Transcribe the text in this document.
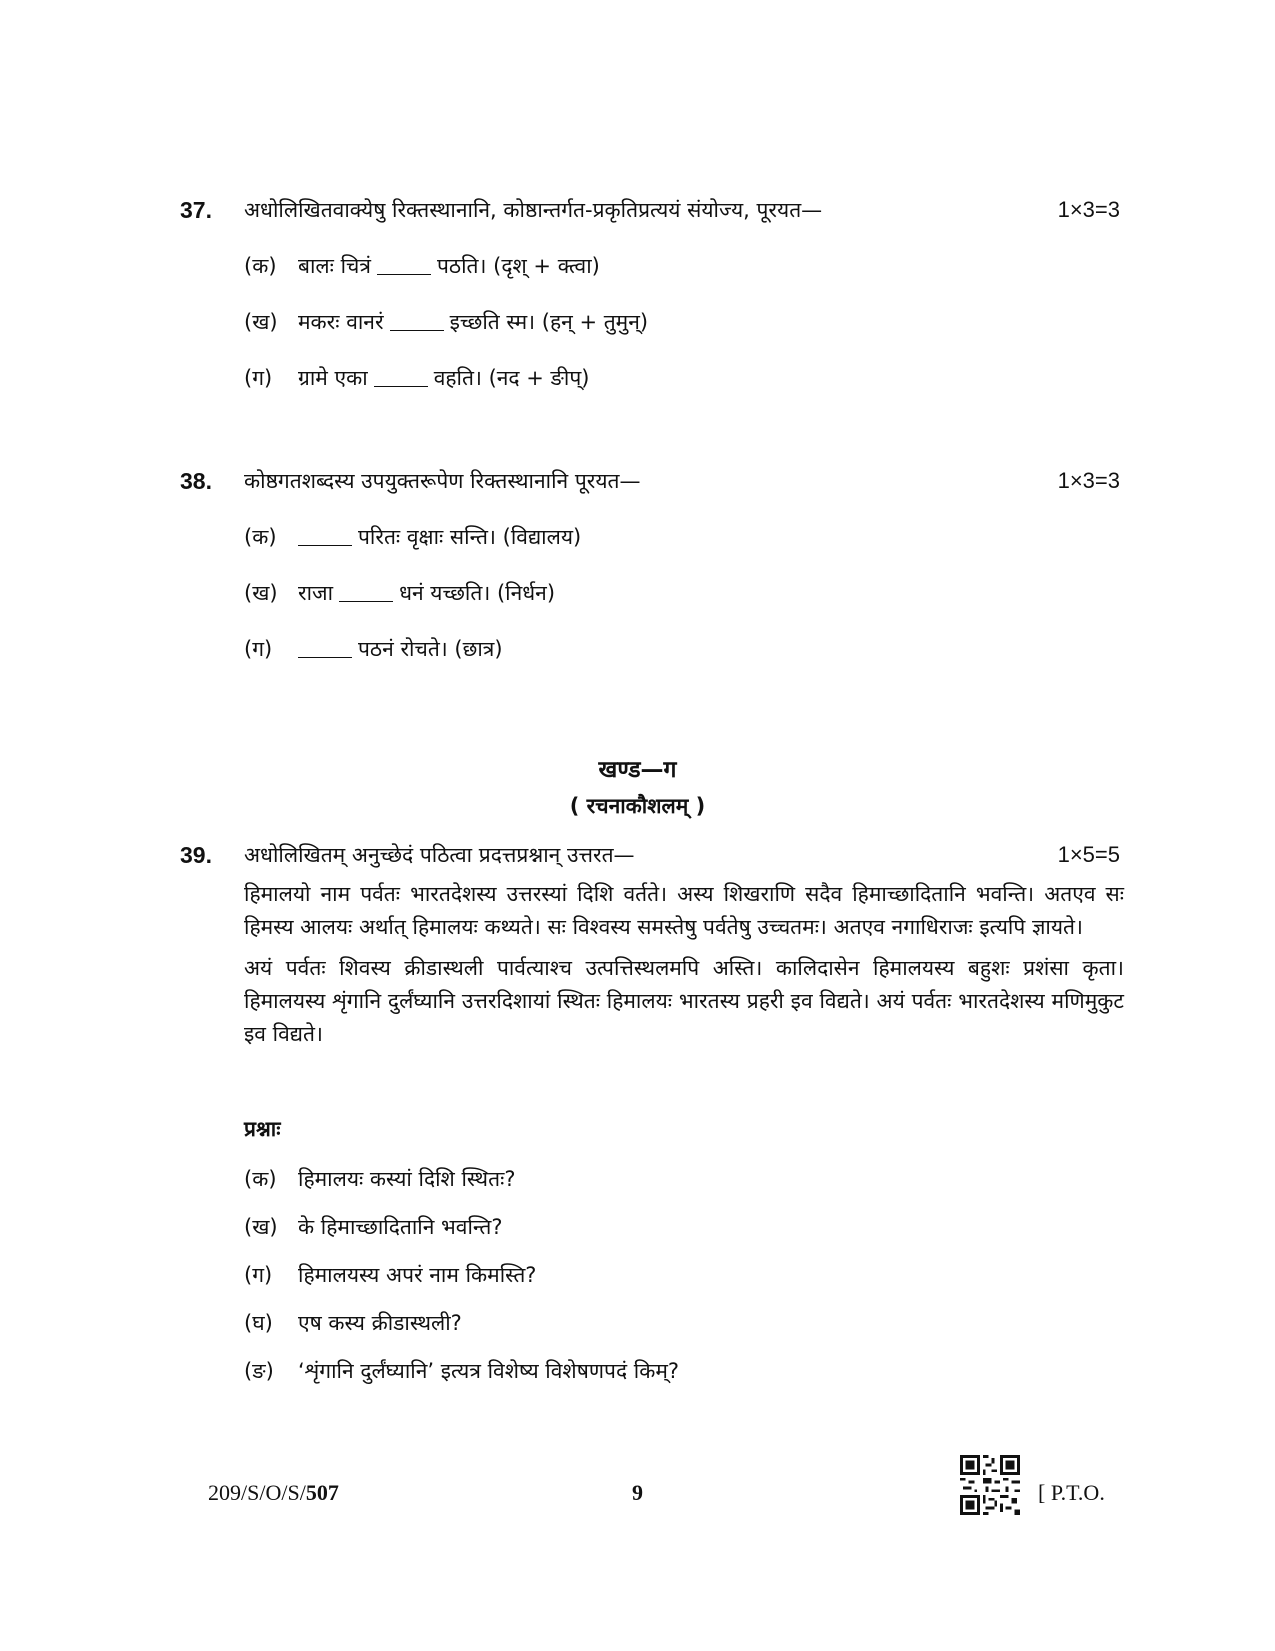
37. अधोलिखितवाक्येषु रिक्तस्थानानि, कोष्ठान्तर्गत-प्रकृतिप्रत्ययं संयोज्य, पूरयत—	1×3=3
(क) बालः चित्रं	पठति। (दृश् + क्त्वा)
(ख) मकरः वानरं	इच्छति स्म। (हन् + तुमुन्)
(ग) ग्रामे एका	वहति। (नद + ङीप्)
38. कोष्ठगतशब्दस्य उपयुक्तरूपेण रिक्तस्थानानि पूरयत—	1×3=3
(क)	परितः वृक्षाः सन्ति। (विद्यालय)
(ख) राजा	धनं यच्छति। (निर्धन)
(ग)	पठनं रोचते। (छात्र)
खण्ड—ग
( रचनाकौशलम् )
39. अधोलिखितम् अनुच्छेदं पठित्वा प्रदत्तप्रश्नान् उत्तरत—	1×5=5

हिमालयो नाम पर्वतः भारतदेशस्य उत्तरस्यां दिशि वर्तते। अस्य शिखराणि सदैव हिमाच्छादितानि भवन्ति। अतएव सः हिमस्य आलयः अर्थात् हिमालयः कथ्यते। सः विश्वस्य समस्तेषु पर्वतेषु उच्चतमः। अतएव नगाधिराजः इत्यपि ज्ञायते।

अयं पर्वतः शिवस्य क्रीडास्थली पार्वत्याश्च उत्पत्तिस्थलमपि अस्ति। कालिदासेन हिमालयस्य बहुशः प्रशंसा कृता। हिमालयस्य शृंगानि दुर्लंघ्यानि उत्तरदिशायां स्थितः हिमालयः भारतस्य प्रहरी इव विद्यते। अयं पर्वतः भारतदेशस्य मणिमुकुट इव विद्यते।

प्रश्नाः
(क) हिमालयः कस्यां दिशि स्थितः?
(ख) के हिमाच्छादितानि भवन्ति?
(ग) हिमालयस्य अपरं नाम किमस्ति?
(घ) एष कस्य क्रीडास्थली?
(ङ) ‘शृंगानि दुर्लंघ्यानि’ इत्यत्र विशेष्य विशेषणपदं किम्?
209/S/O/S/507	9	[ P.T.O.
